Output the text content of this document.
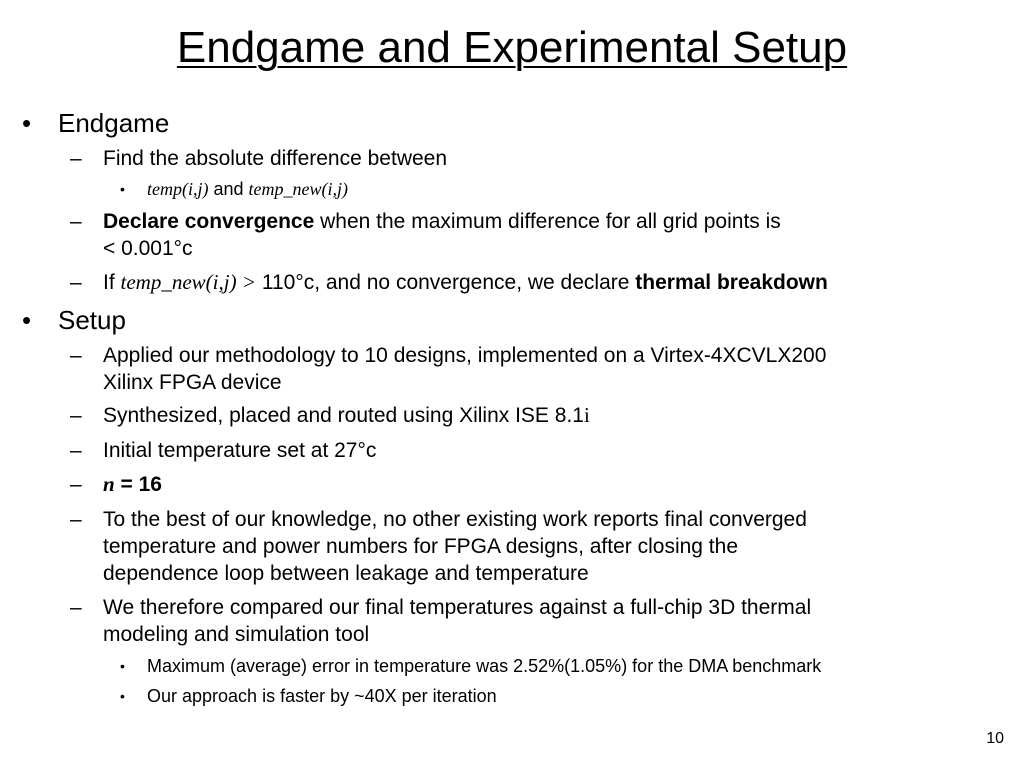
Endgame and Experimental Setup
• Endgame
– Find the absolute difference between
• temp(i,j) and temp_new(i,j)
– Declare convergence when the maximum difference for all grid points is
< 0.001°c
– If temp_new(i,j) > 110°c, and no convergence, we declare thermal breakdown
• Setup
– Applied our methodology to 10 designs, implemented on a Virtex-4XCVLX200
Xilinx FPGA device
– Synthesized, placed and routed using Xilinx ISE 8.1i
– Initial temperature set at 27°c
– n = 16
– To the best of our knowledge, no other existing work reports final converged
temperature and power numbers for FPGA designs, after closing the
dependence loop between leakage and temperature
– We therefore compared our final temperatures against a full-chip 3D thermal
modeling and simulation tool
• Maximum (average) error in temperature was 2.52%(1.05%) for the DMA benchmark
• Our approach is faster by ~40X per iteration
10
